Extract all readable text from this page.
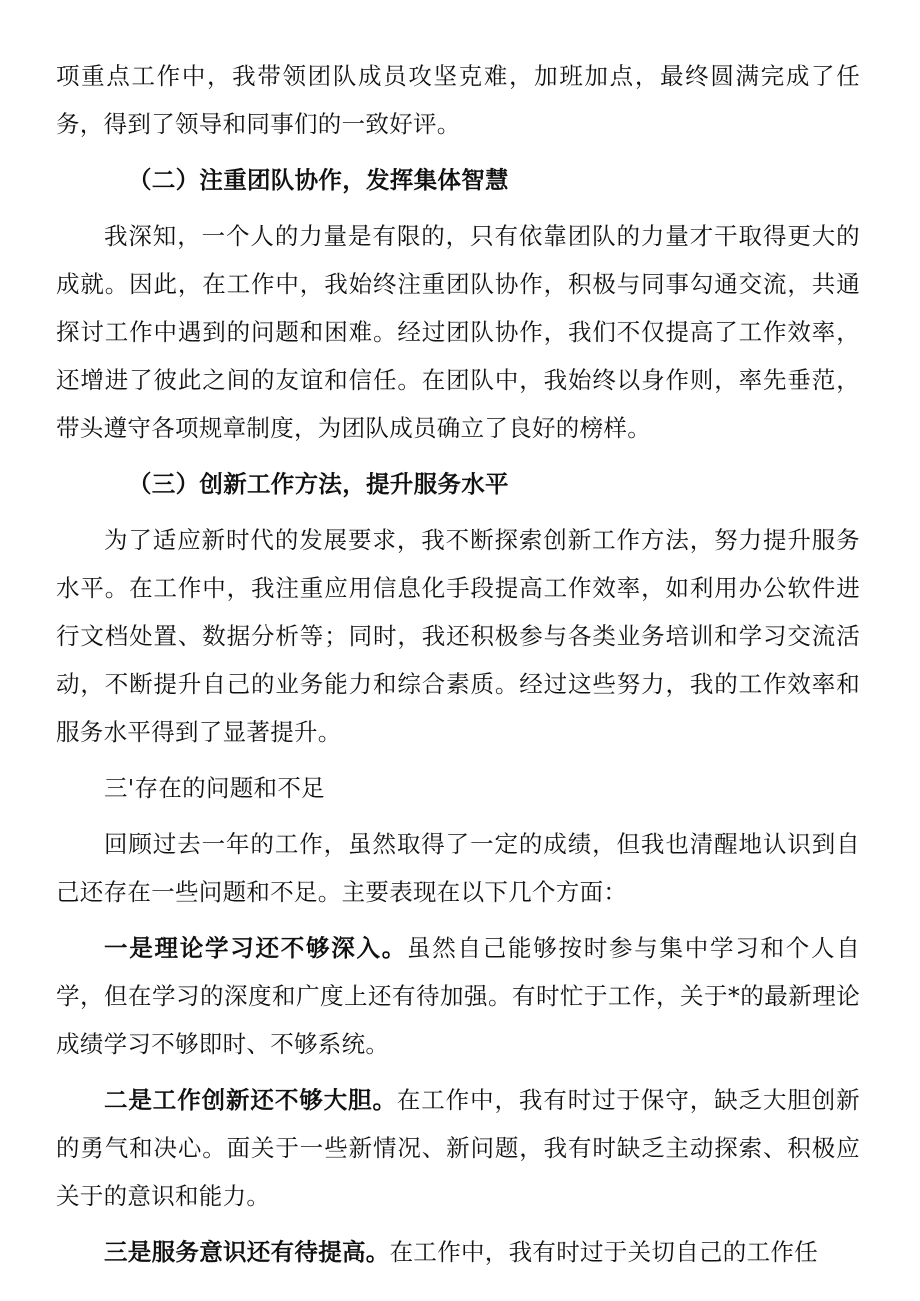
项重点工作中，我带领团队成员攻坚克难，加班加点，最终圆满完成了任务，得到了领导和同事们的一致好评。

（二）注重团队协作，发挥集体智慧

我深知，一个人的力量是有限的，只有依靠团队的力量才干取得更大的成就。因此，在工作中，我始终注重团队协作，积极与同事勾通交流，共通探讨工作中遇到的问题和困难。经过团队协作，我们不仅提高了工作效率，还增进了彼此之间的友谊和信任。在团队中，我始终以身作则，率先垂范，带头遵守各项规章制度，为团队成员确立了良好的榜样。

（三）创新工作方法，提升服务水平

为了适应新时代的发展要求，我不断探索创新工作方法，努力提升服务水平。在工作中，我注重应用信息化手段提高工作效率，如利用办公软件进行文档处置、数据分析等；同时，我还积极参与各类业务培训和学习交流活动，不断提升自己的业务能力和综合素质。经过这些努力，我的工作效率和服务水平得到了显著提升。

三'存在的问题和不足

回顾过去一年的工作，虽然取得了一定的成绩，但我也清醒地认识到自己还存在一些问题和不足。主要表现在以下几个方面：

一是理论学习还不够深入。虽然自己能够按时参与集中学习和个人自学，但在学习的深度和广度上还有待加强。有时忙于工作，关于*的最新理论成绩学习不够即时、不够系统。

二是工作创新还不够大胆。在工作中，我有时过于保守，缺乏大胆创新的勇气和决心。面关于一些新情况、新问题，我有时缺乏主动探索、积极应关于的意识和能力。

三是服务意识还有待提高。在工作中，我有时过于关切自己的工作任
